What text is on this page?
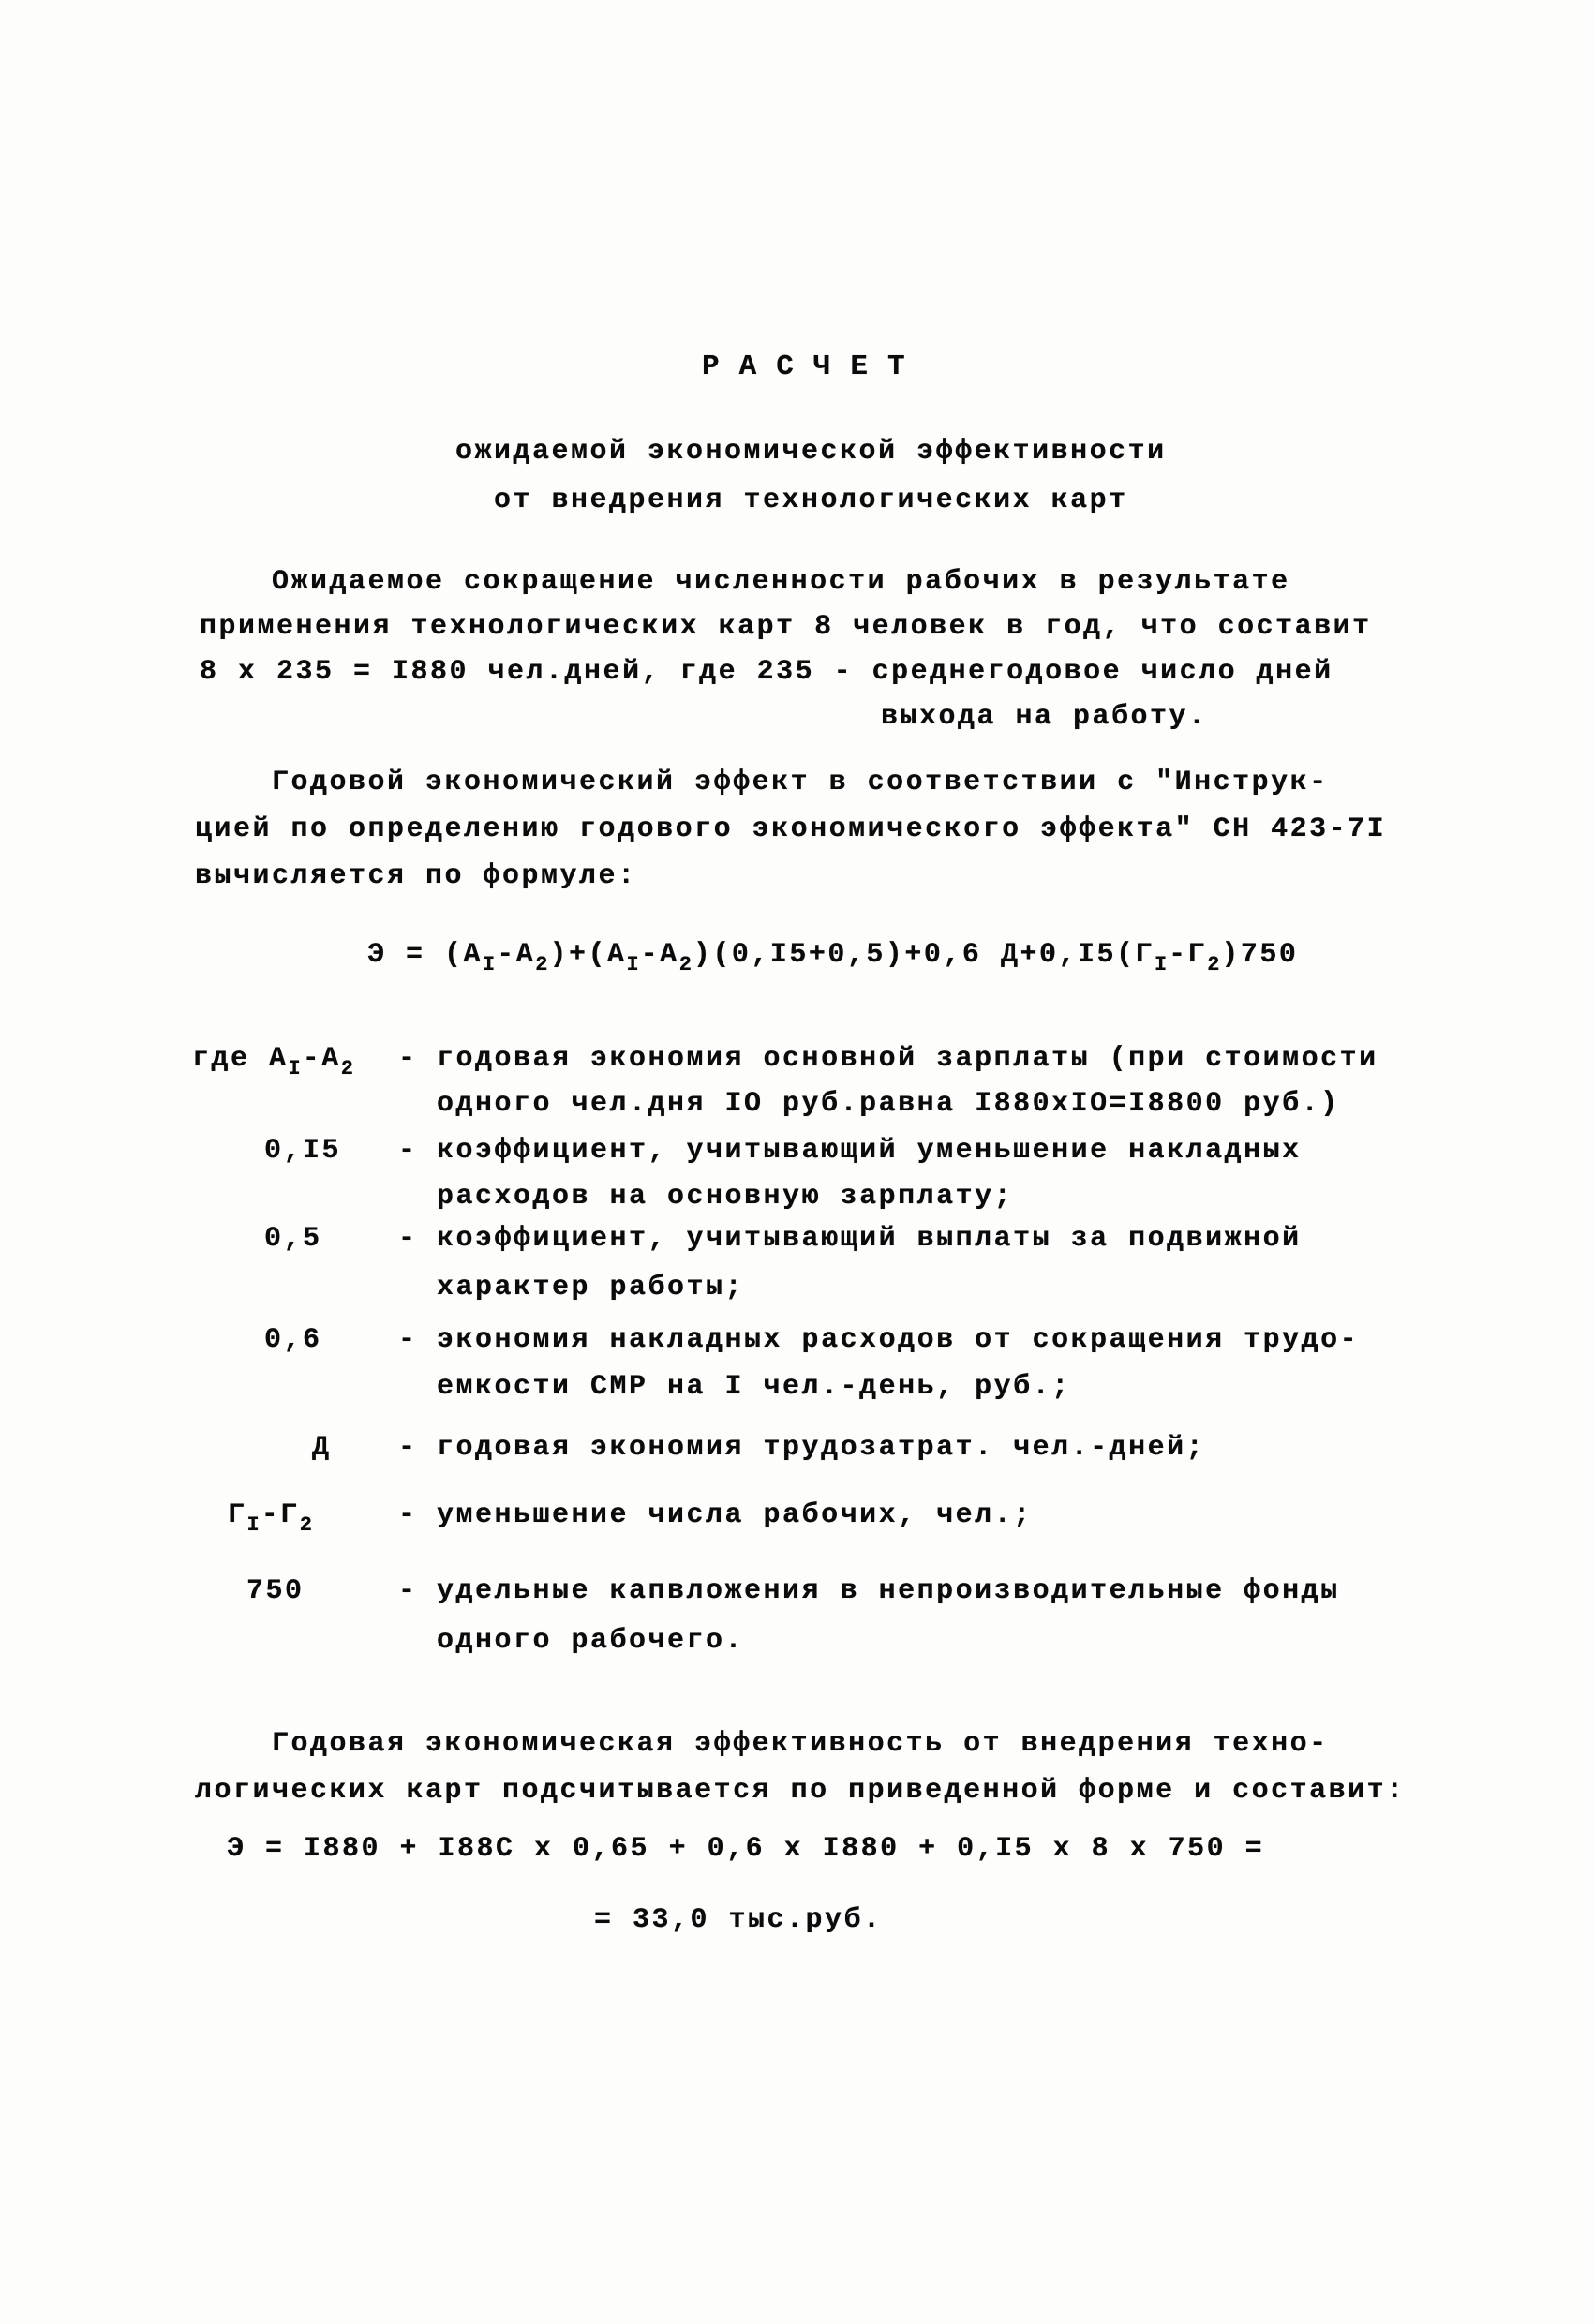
РАСЧЕТ
ожидаемой экономической эффективности
от внедрения технологических карт
Ожидаемое сокращение численности рабочих в результате
применения технологических карт 8 человек в год, что составит
8 х 235 = I880 чел.дней, где 235 - среднегодовое число дней
выхода на работу.
Годовой экономический эффект в соответствии с "Инструк-
цией по определению годового экономического эффекта" СН 423-7I
вычисляется по формуле:
$Э = (А_I-А_2)+(А_I-А_2)(0,I5+0,5)+0,6$ $Д+0,I5(Г_I-Г_2)750$
где $А_I-А_2$ - годовая экономия основной зарплаты (при стоимости
одного чел.дня IO руб.равна I880хIO=I8800 руб.)
0,I5 - коэффициент, учитывающий уменьшение накладных
расходов на основную зарплату;
0,5	- коэффициент, учитывающий выплаты за подвижной
характер работы;
0,6	- экономия накладных расходов от сокращения трудо-
емкости СМР на I чел.-день, руб.;
Д - годовая экономия трудозатрат. чел.-дней;
$Г_I-Г_2$	- уменьшение числа рабочих, чел.;
750	- удельные капвложения в непроизводительные фонды
одного рабочего.
Годовая экономическая эффективность от внедрения техно-
логических карт подсчитывается по приведенной форме и составит:
Э = I880 + I88C х 0,65 + 0,6 х I880 + 0,I5 х 8 х 750 =
= 33,0 тыс.руб.
